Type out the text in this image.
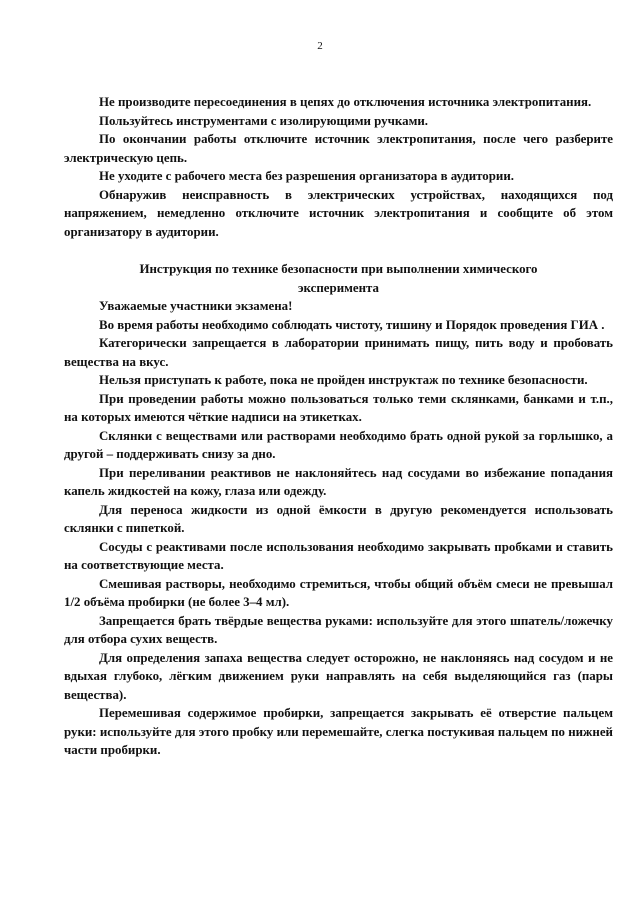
2

Не производите пересоединения в цепях до отключения источника электропитания.

Пользуйтесь инструментами с изолирующими ручками.

По окончании работы отключите источник электропитания, после чего разберите электрическую цепь.

Не уходите с рабочего места без разрешения организатора в аудитории.

Обнаружив неисправность в электрических устройствах, находящихся под напряжением, немедленно отключите источник электропитания и сообщите об этом организатору в аудитории.

Инструкция по технике безопасности при выполнении химического эксперимента

Уважаемые участники экзамена!

Во время работы необходимо соблюдать чистоту, тишину и Порядок проведения ГИА .

Категорически запрещается в лаборатории принимать пищу, пить воду и пробовать вещества на вкус.

Нельзя приступать к работе, пока не пройден инструктаж по технике безопасности.

При проведении работы можно пользоваться только теми склянками, банками и т.п., на которых имеются чёткие надписи на этикетках.

Склянки с веществами или растворами необходимо брать одной рукой за горлышко, а другой – поддерживать снизу за дно.

При переливании реактивов не наклоняйтесь над сосудами во избежание попадания капель жидкостей на кожу, глаза или одежду.

Для переноса жидкости из одной ёмкости в другую рекомендуется использовать склянки с пипеткой.

Сосуды с реактивами после использования необходимо закрывать пробками и ставить на соответствующие места.

Смешивая растворы, необходимо стремиться, чтобы общий объём смеси не превышал 1/2 объёма пробирки (не более 3–4 мл).

Запрещается брать твёрдые вещества руками: используйте для этого шпатель/ложечку для отбора сухих веществ.

Для определения запаха вещества следует осторожно, не наклоняясь над сосудом и не вдыхая глубоко, лёгким движением руки направлять на себя выделяющийся газ (пары вещества).

Перемешивая содержимое пробирки, запрещается закрывать её отверстие пальцем руки: используйте для этого пробку или перемешайте, слегка постукивая пальцем по нижней части пробирки.
